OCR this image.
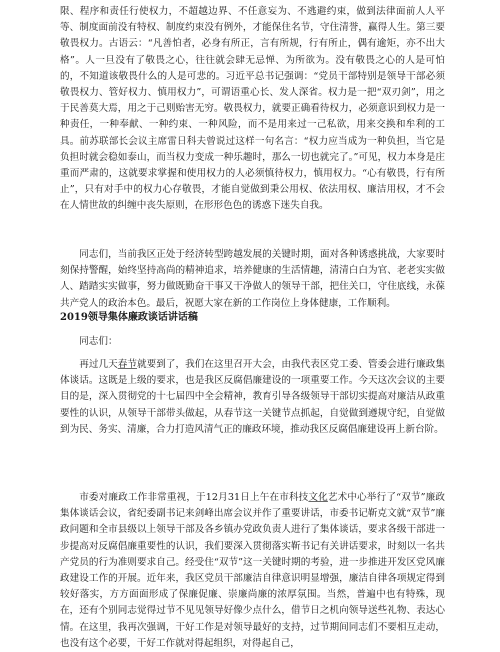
限、程序和责任行使权力，不超越边界、不任意妄为、不逃避约束，做到法律面前人人平等、制度面前没有特权、制度约束没有例外，才能保住名节，守住清誉，赢得人生。第三要敬畏权力。古语云：“凡善怕者，必身有所正，言有所规，行有所止，偶有逾矩，亦不出大格”。人一旦没有了敬畏之心，往往就会肆无忌惮、为所欲为。没有敬畏之心的人是可怕的，不知道该敬畏什么的人是可悲的。习近平总书记强调：“党员干部特别是领导干部必须敬畏权力、管好权力、慎用权力”，可谓语重心长、发人深省。权力是一把“双刃剑”，用之于民善莫大焉，用之于己则贻害无穷。敬畏权力，就要正确看待权力，必须意识到权力是一种责任，一种奉献、一种约束、一种风险，而不是用来过一己私欲，用来交换和牟利的工具。前苏联部长会议主席雷日科夫曾说过这样一句名言：“权力应当成为一种负担，当它是负担时就会稳如泰山，而当权力变成一种乐趣时，那么一切也就完了。”可见，权力本身是庄重而严肃的，这就要求掌握和使用权力的人必须慎待权力，慎用权力。“心有敬畏，行有所止”，只有对手中的权力心存敬畏，才能自觉做到秉公用权、依法用权、廉洁用权，才不会在人情世故的纠缠中丧失原则，在形形色色的诱惑下迷失自我。

同志们，当前我区正处于经济转型跨越发展的关键时期，面对各种诱惑挑战，大家要时刻保持警醒，始终坚持高尚的精神追求，培养健康的生活情趣，清清白白为官、老老实实做人、踏踏实实做事，努力做既勤奋干事又干净做人的领导干部，把住关口，守住底线，永葆共产党人的政治本色。最后，祝愿大家在新的工作岗位上身体健康，工作顺利。

2019领导集体廉政谈话讲话稿

同志们：

再过几天春节就要到了，我们在这里召开大会，由我代表区党工委、管委会进行廉政集体谈话。这既是上级的要求，也是我区反腐倡廉建设的一项重要工作。今天这次会议的主要目的是，深入贯彻党的十七届四中全会精神，教育引导各级领导干部切实提高对廉洁从政重要性的认识，从领导干部带头做起，从春节这一关键节点抓起，自觉做到遵规守纪，自觉做到为民、务实、清廉，合力打造风清气正的廉政环境，推动我区反腐倡廉建设再上新台阶。

市委对廉政工作非常重视，于12月31日上午在市科技文化艺术中心举行了“双节”廉政集体谈话会议，省纪委副书记来剑峰出席会议并作了重要讲话，市委书记靳克文就“双节”廉政问题和全市县级以上领导干部及各乡镇办党政负责人进行了集体谈话，要求各级干部进一步提高对反腐倡廉重要性的认识，我们要深入贯彻落实靳书记有关讲话要求，时刻以一名共产党员的行为准则要求自己。经受住“双节”这一关键时期的考验，进一步推进开发区党风廉政建设工作的开展。近年来，我区党员干部廉洁自律意识明显增强，廉洁自律各项规定得到较好落实，方方面面形成了保廉促廉、崇廉尚廉的浓厚氛围。当然，普遍中也有特殊，现在，还有个别同志觉得过节不见见领导好像少点什么，借节日之机向领导送些礼物、表达心情。在这里，我再次强调，干好工作是对领导最好的支持，过节期间同志们不要相互走动，也没有这个必要，干好工作就对得起组织，对得起自己，
